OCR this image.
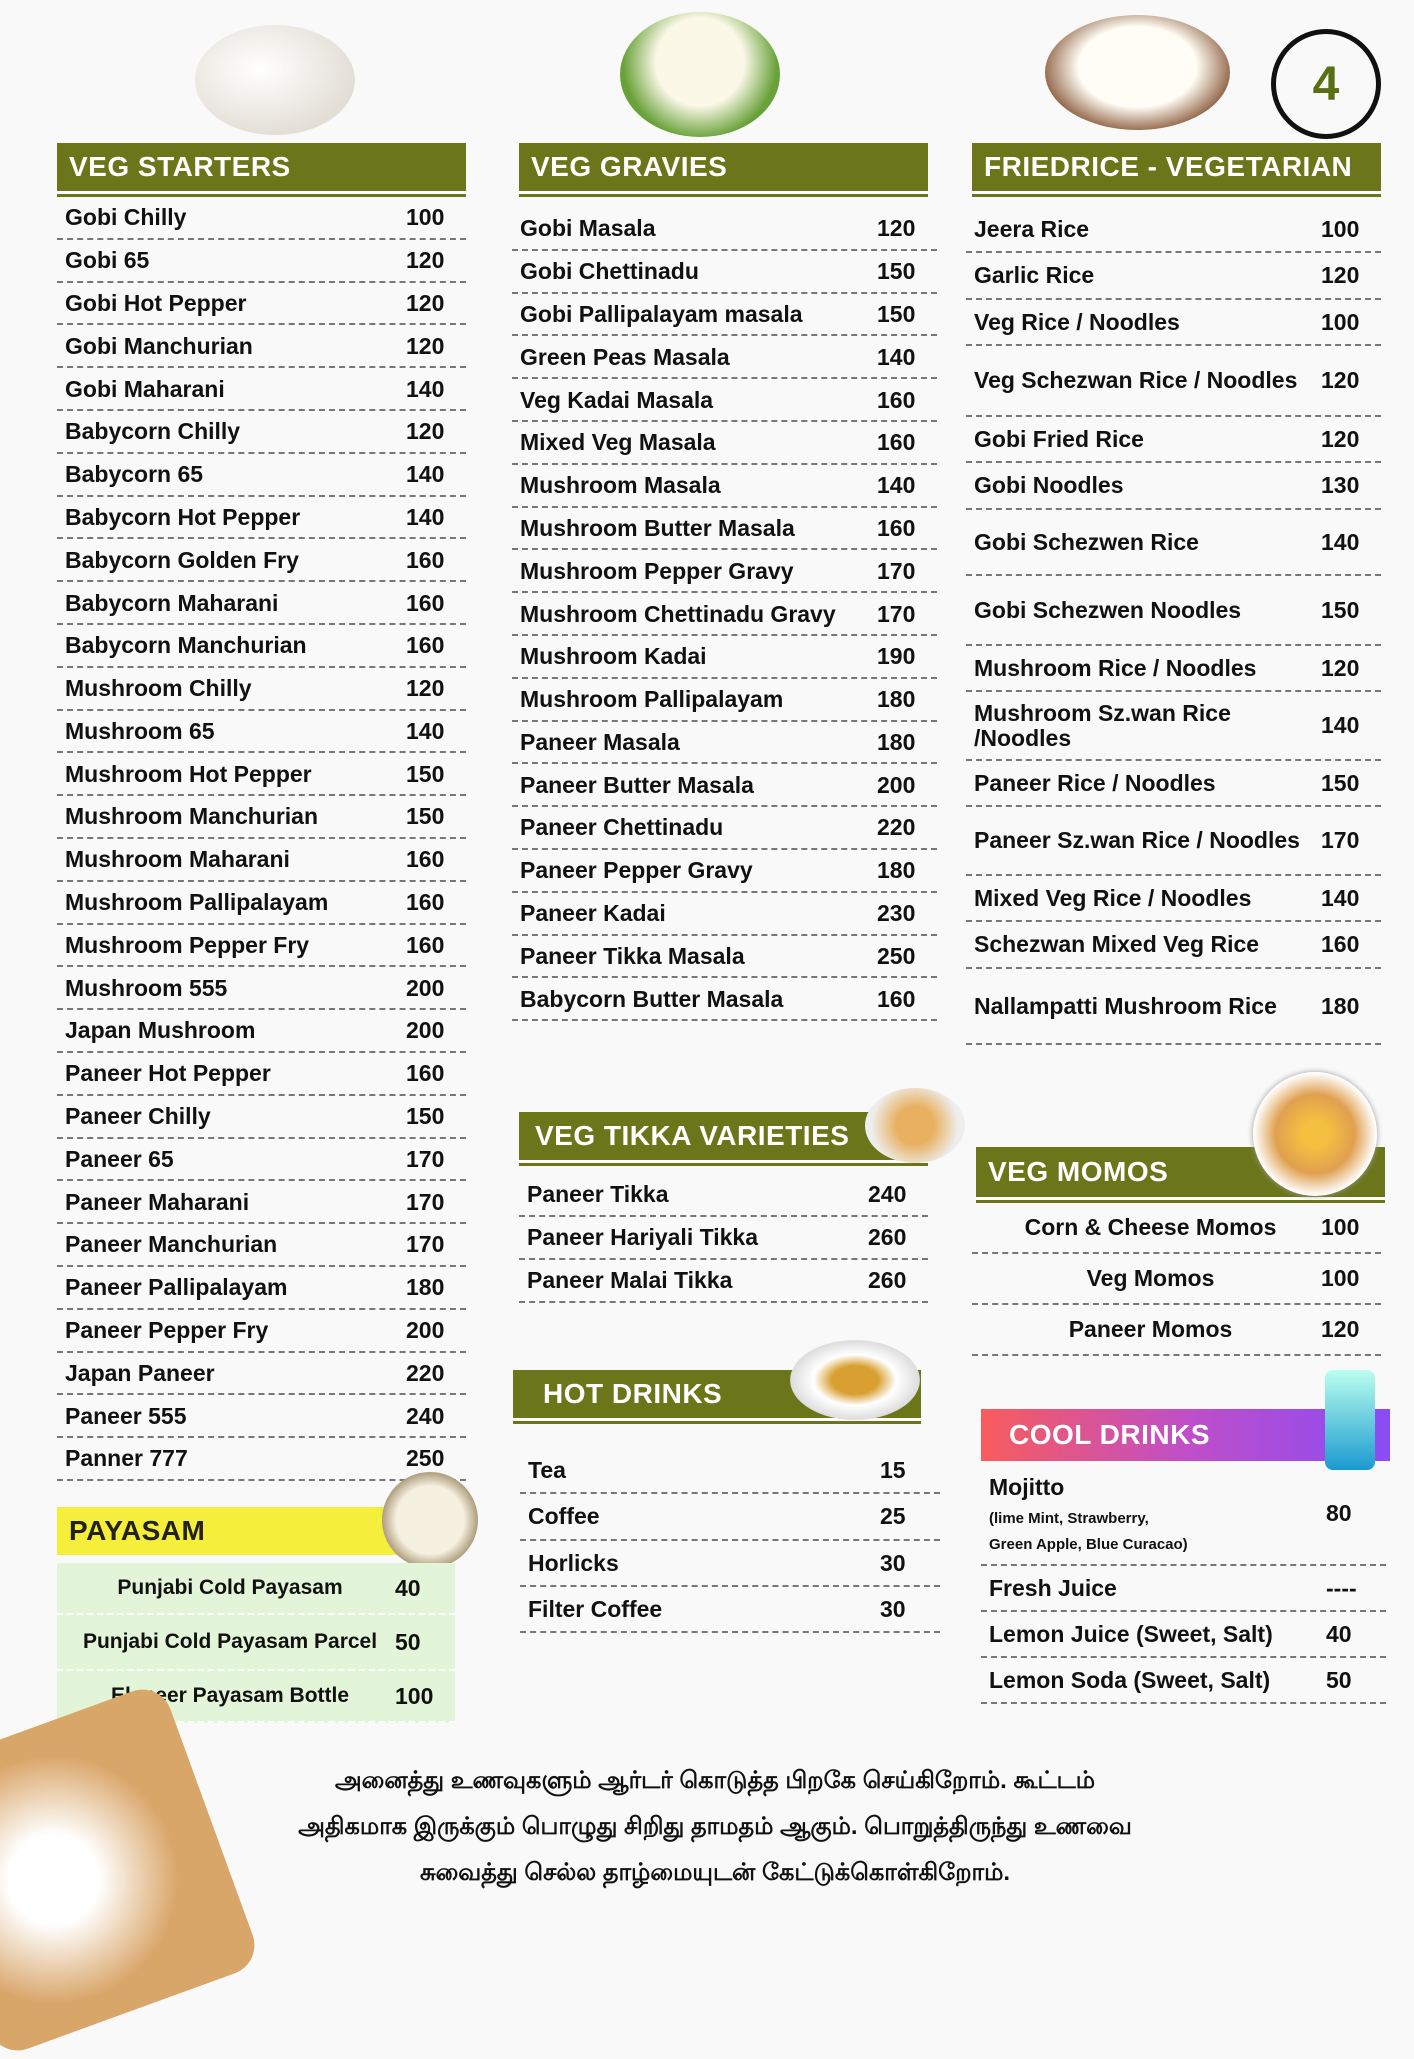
4
VEG STARTERS
Gobi Chilly	100
Gobi 65	120
Gobi Hot Pepper	120
Gobi Manchurian	120
Gobi Maharani	140
Babycorn Chilly	120
Babycorn 65	140
Babycorn Hot Pepper	140
Babycorn Golden Fry	160
Babycorn Maharani	160
Babycorn Manchurian	160
Mushroom Chilly	120
Mushroom 65	140
Mushroom Hot Pepper	150
Mushroom Manchurian	150
Mushroom Maharani	160
Mushroom Pallipalayam	160
Mushroom Pepper Fry	160
Mushroom 555	200
Japan Mushroom	200
Paneer Hot Pepper	160
Paneer Chilly	150
Paneer 65	170
Paneer Maharani	170
Paneer Manchurian	170
Paneer Pallipalayam	180
Paneer Pepper Fry	200
Japan Paneer	220
Paneer 555	240
Panner 777	250
VEG GRAVIES
Gobi Masala	120
Gobi Chettinadu	150
Gobi Pallipalayam masala	150
Green Peas Masala	140
Veg Kadai Masala	160
Mixed Veg Masala	160
Mushroom Masala	140
Mushroom Butter Masala	160
Mushroom Pepper Gravy	170
Mushroom Chettinadu Gravy	170
Mushroom Kadai	190
Mushroom Pallipalayam	180
Paneer Masala	180
Paneer Butter Masala	200
Paneer Chettinadu	220
Paneer Pepper Gravy	180
Paneer Kadai	230
Paneer Tikka Masala	250
Babycorn Butter Masala	160
FRIEDRICE - VEGETARIAN
Jeera Rice	100
Garlic Rice	120
Veg Rice / Noodles	100
Veg Schezwan Rice / Noodles	120
Gobi Fried Rice	120
Gobi Noodles	130
Gobi Schezwen Rice	140
Gobi Schezwen Noodles	150
Mushroom Rice / Noodles	120
Mushroom Sz.wan Rice /Noodles	140
Paneer Rice / Noodles	150
Paneer Sz.wan Rice / Noodles 170
Mixed Veg Rice / Noodles	140
Schezwan Mixed Veg Rice	160
Nallampatti Mushroom Rice	180
VEG TIKKA VARIETIES
Paneer Tikka	240
Paneer Hariyali Tikka	260
Paneer Malai Tikka	260
HOT DRINKS
Tea	15
Coffee	25
Horlicks	30
Filter Coffee	30
VEG MOMOS
Corn & Cheese Momos	100
Veg Momos	100
Paneer Momos	120
COOL DRINKS
Mojitto
(lime Mint, Strawberry,
Green Apple, Blue Curacao)
80
Fresh Juice	----
Lemon Juice (Sweet, Salt)	40
Lemon Soda (Sweet, Salt)	50
PAYASAM
Punjabi Cold Payasam	40
Punjabi Cold Payasam Parcel 50
Elaneer Payasam Bottle	100
அனைத்து உணவுகளும் ஆர்டர் கொடுத்த பிறகே செய்கிறோம். கூட்டம்
அதிகமாக இருக்கும் பொழுது சிறிது தாமதம் ஆகும். பொறுத்திருந்து உணவை
சுவைத்து செல்ல தாழ்மையுடன் கேட்டுக்கொள்கிறோம்.
